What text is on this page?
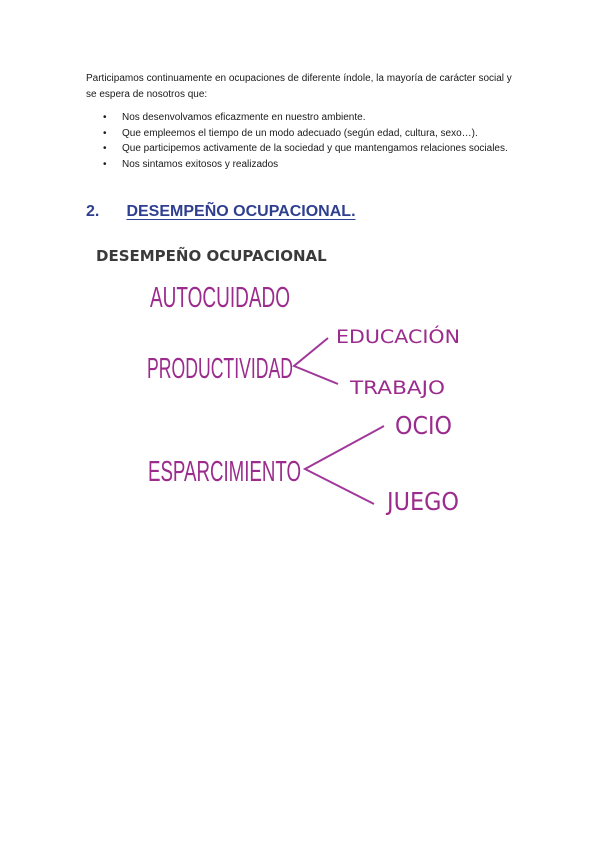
Participamos continuamente en ocupaciones de diferente índole, la mayoría de carácter social y se espera de nosotros que:

• Nos desenvolvamos eficazmente en nuestro ambiente.
• Que empleemos el tiempo de un modo adecuado (según edad, cultura, sexo…).
• Que participemos activamente de la sociedad y que mantengamos relaciones sociales.
• Nos sintamos exitosos y realizados
2. DESEMPEÑO OCUPACIONAL.
DESEMPEÑO OCUPACIONAL
AUTOCUIDADO
PRODUCTIVIDAD
EDUCACIÓN
TRABAJO
ESPARCIMIENTO
OCIO
JUEGO
